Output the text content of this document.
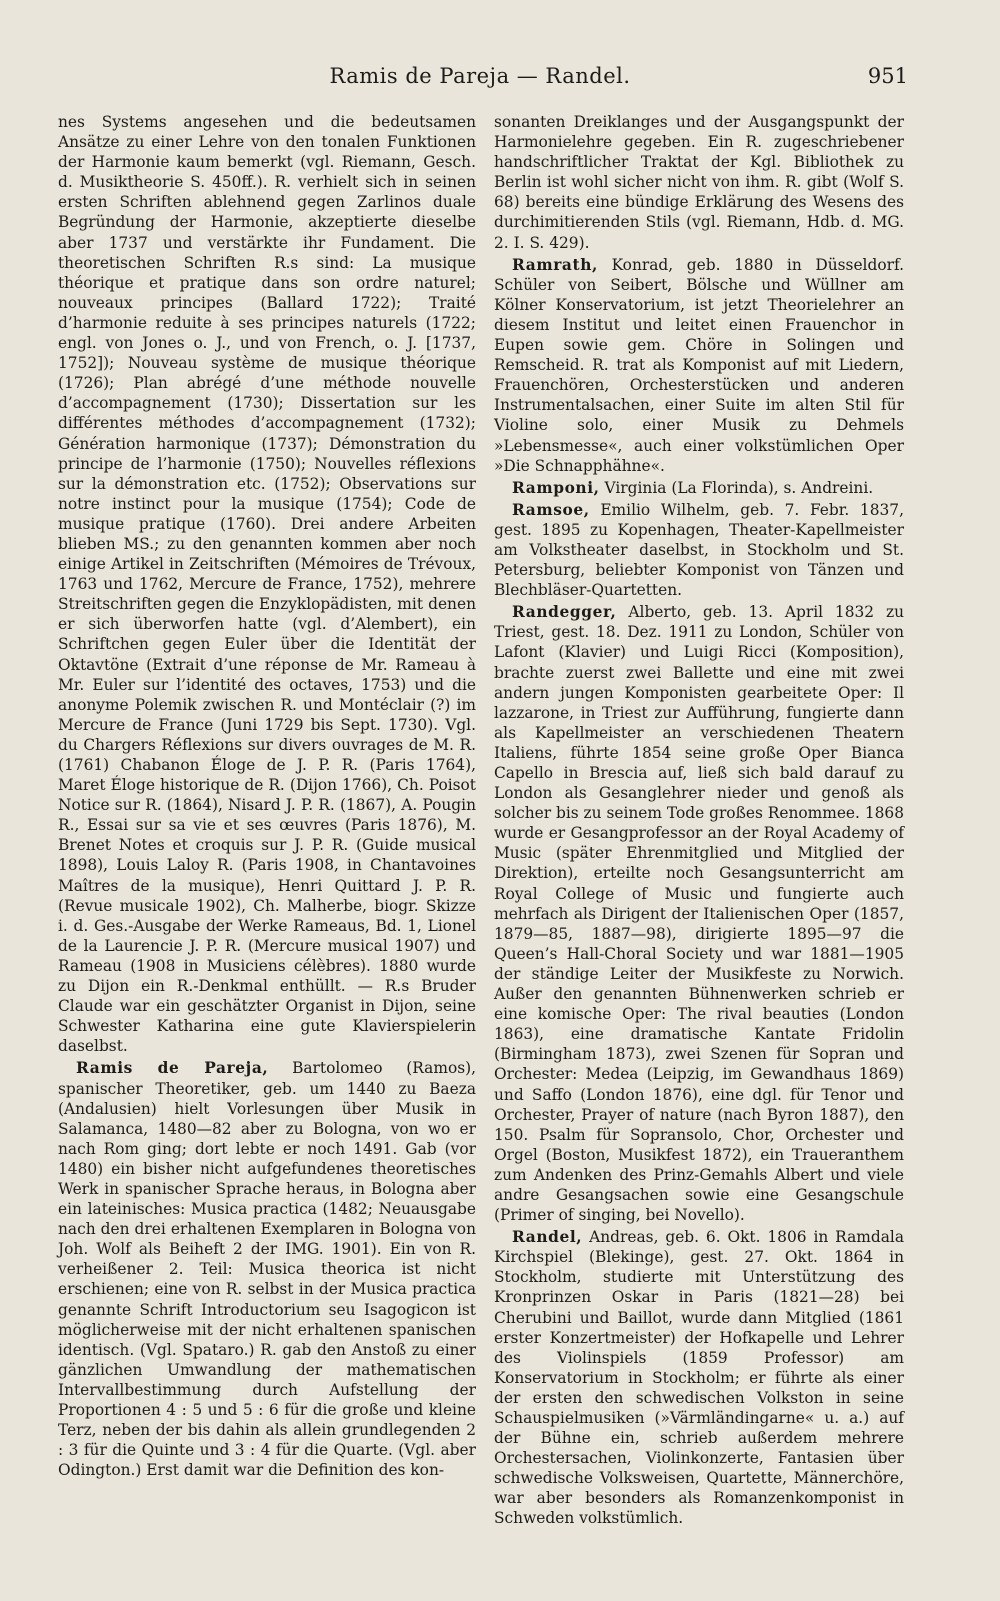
Ramis de Pareja — Randel.	951

nes Systems angesehen und die bedeutsamen Ansätze zu einer Lehre von den tonalen Funktionen der Harmonie kaum bemerkt (vgl. Riemann, Gesch. d. Musiktheorie S. 450ff.). R. verhielt sich in seinen ersten Schriften ablehnend gegen Zarlinos duale Begründung der Harmonie, akzeptierte dieselbe aber 1737 und verstärkte ihr Fundament. Die theoretischen Schriften R.s sind: La musique théorique et pratique dans son ordre naturel; nouveaux principes (Ballard 1722); Traité d’harmonie reduite à ses principes naturels (1722; engl. von Jones o. J., und von French, o. J. [1737, 1752]); Nouveau système de musique théorique (1726); Plan abrégé d’une méthode nouvelle d’accompagnement (1730); Dissertation sur les différentes méthodes d’accompagnement (1732); Génération harmonique (1737); Démonstration du principe de l’harmonie (1750); Nouvelles réflexions sur la démonstration etc. (1752); Observations sur notre instinct pour la musique (1754); Code de musique pratique (1760). Drei andere Arbeiten blieben MS.; zu den genannten kommen aber noch einige Artikel in Zeitschriften (Mémoires de Trévoux, 1763 und 1762, Mercure de France, 1752), mehrere Streitschriften gegen die Enzyklopädisten, mit denen er sich überworfen hatte (vgl. d’Alembert), ein Schriftchen gegen Euler über die Identität der Oktavtöne (Extrait d’une réponse de Mr. Rameau à Mr. Euler sur l’identité des octaves, 1753) und die anonyme Polemik zwischen R. und Montéclair (?) im Mercure de France (Juni 1729 bis Sept. 1730). Vgl. du Chargers Réflexions sur divers ouvrages de M. R. (1761) Chabanon Éloge de J. P. R. (Paris 1764), Maret Éloge historique de R. (Dijon 1766), Ch. Poisot Notice sur R. (1864), Nisard J. P. R. (1867), A. Pougin R., Essai sur sa vie et ses œuvres (Paris 1876), M. Brenet Notes et croquis sur J. P. R. (Guide musical 1898), Louis Laloy R. (Paris 1908, in Chantavoines Maîtres de la musique), Henri Quittard J. P. R. (Revue musicale 1902), Ch. Malherbe, biogr. Skizze i. d. Ges.-Ausgabe der Werke Rameaus, Bd. 1, Lionel de la Laurencie J. P. R. (Mercure musical 1907) und Rameau (1908 in Musiciens célèbres). 1880 wurde zu Dijon ein R.-Denkmal enthüllt. — R.s Bruder Claude war ein geschätzter Organist in Dijon, seine Schwester Katharina eine gute Klavierspielerin daselbst.

Ramis de Pareja, Bartolomeo (Ramos), spanischer Theoretiker, geb. um 1440 zu Baeza (Andalusien) hielt Vorlesungen über Musik in Salamanca, 1480—82 aber zu Bologna, von wo er nach Rom ging; dort lebte er noch 1491. Gab (vor 1480) ein bisher nicht aufgefundenes theoretisches Werk in spanischer Sprache heraus, in Bologna aber ein lateinisches: Musica practica (1482; Neuausgabe nach den drei erhaltenen Exemplaren in Bologna von Joh. Wolf als Beiheft 2 der IMG. 1901). Ein von R. verheißener 2. Teil: Musica theorica ist nicht erschienen; eine von R. selbst in der Musica practica genannte Schrift Introductorium seu Isagogicon ist möglicherweise mit der nicht erhaltenen spanischen identisch. (Vgl. Spataro.) R. gab den Anstoß zu einer gänzlichen Umwandlung der mathematischen Intervallbestimmung durch Aufstellung der Proportionen 4 : 5 und 5 : 6 für die große und kleine Terz, neben der bis dahin als allein grundlegenden 2 : 3 für die Quinte und 3 : 4 für die Quarte. (Vgl. aber Odington.) Erst damit war die Definition des kon-

sonanten Dreiklanges und der Ausgangspunkt der Harmonielehre gegeben. Ein R. zugeschriebener handschriftlicher Traktat der Kgl. Bibliothek zu Berlin ist wohl sicher nicht von ihm. R. gibt (Wolf S. 68) bereits eine bündige Erklärung des Wesens des durchimitierenden Stils (vgl. Riemann, Hdb. d. MG. 2. I. S. 429).

Ramrath, Konrad, geb. 1880 in Düsseldorf. Schüler von Seibert, Bölsche und Wüllner am Kölner Konservatorium, ist jetzt Theorielehrer an diesem Institut und leitet einen Frauenchor in Eupen sowie gem. Chöre in Solingen und Remscheid. R. trat als Komponist auf mit Liedern, Frauenchören, Orchesterstücken und anderen Instrumentalsachen, einer Suite im alten Stil für Violine solo, einer Musik zu Dehmels »Lebensmesse«, auch einer volkstümlichen Oper »Die Schnapphähne«.

Ramponi, Virginia (La Florinda), s. Andreini.

Ramsoe, Emilio Wilhelm, geb. 7. Febr. 1837, gest. 1895 zu Kopenhagen, Theater-Kapellmeister am Volkstheater daselbst, in Stockholm und St. Petersburg, beliebter Komponist von Tänzen und Blechbläser-Quartetten.

Randegger, Alberto, geb. 13. April 1832 zu Triest, gest. 18. Dez. 1911 zu London, Schüler von Lafont (Klavier) und Luigi Ricci (Komposition), brachte zuerst zwei Ballette und eine mit zwei andern jungen Komponisten gearbeitete Oper: Il lazzarone, in Triest zur Aufführung, fungierte dann als Kapellmeister an verschiedenen Theatern Italiens, führte 1854 seine große Oper Bianca Capello in Brescia auf, ließ sich bald darauf zu London als Gesanglehrer nieder und genoß als solcher bis zu seinem Tode großes Renommee. 1868 wurde er Gesangprofessor an der Royal Academy of Music (später Ehrenmitglied und Mitglied der Direktion), erteilte noch Gesangsunterricht am Royal College of Music und fungierte auch mehrfach als Dirigent der Italienischen Oper (1857, 1879—85, 1887—98), dirigierte 1895—97 die Queen’s Hall-Choral Society und war 1881—1905 der ständige Leiter der Musikfeste zu Norwich. Außer den genannten Bühnenwerken schrieb er eine komische Oper: The rival beauties (London 1863), eine dramatische Kantate Fridolin (Birmingham 1873), zwei Szenen für Sopran und Orchester: Medea (Leipzig, im Gewandhaus 1869) und Saffo (London 1876), eine dgl. für Tenor und Orchester, Prayer of nature (nach Byron 1887), den 150. Psalm für Sopransolo, Chor, Orchester und Orgel (Boston, Musikfest 1872), ein Traueranthem zum Andenken des Prinz-Gemahls Albert und viele andre Gesangsachen sowie eine Gesangschule (Primer of singing, bei Novello).

Randel, Andreas, geb. 6. Okt. 1806 in Ramdala Kirchspiel (Blekinge), gest. 27. Okt. 1864 in Stockholm, studierte mit Unterstützung des Kronprinzen Oskar in Paris (1821—28) bei Cherubini und Baillot, wurde dann Mitglied (1861 erster Konzertmeister) der Hofkapelle und Lehrer des Violinspiels (1859 Professor) am Konservatorium in Stockholm; er führte als einer der ersten den schwedischen Volkston in seine Schauspielmusiken (»Värmländingarne« u. a.) auf der Bühne ein, schrieb außerdem mehrere Orchestersachen, Violinkonzerte, Fantasien über schwedische Volksweisen, Quartette, Männerchöre, war aber besonders als Romanzenkomponist in Schweden volkstümlich.
